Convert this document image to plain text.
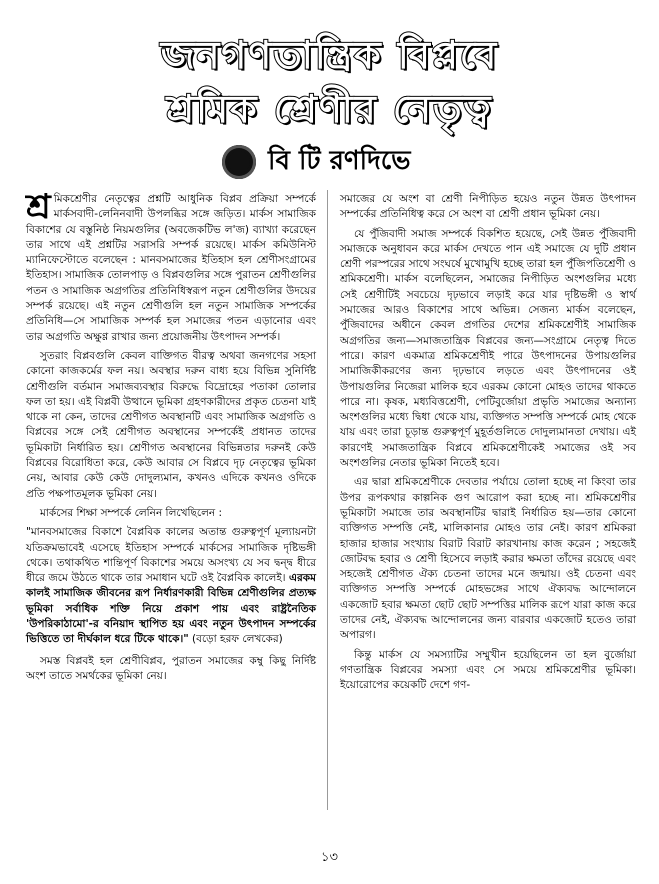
জনগণতান্ত্রিক বিপ্লবে
শ্রমিক শ্রেণীর নেতৃত্ব
বি টি রণদিভে

শ্র মিকশ্রেণীর নেতৃত্বের প্রশ্নটি আধুনিক বিপ্লব প্রক্রিয়া সম্পর্কে মার্কসবাদী-লেনিনবাদী উপলব্ধির সঙ্গে জড়িত। মার্কস সামাজিক বিকাশের যে বস্তুনিষ্ঠ নিয়মগুলির (অবজেকটিভ ল'জ) ব্যাখ্যা করেছেন তার সাথে এই প্রশ্নটির সরাসরি সম্পর্ক রয়েছে। মার্কস কমিউনিস্ট ম্যানিফেস্টোতে বলেছেন : মানবসমাজের ইতিহাস হল শ্রেণীসংগ্রামের ইতিহাস। সামাজিক তোলপাড় ও বিপ্লবগুলির সঙ্গে পুরাতন শ্রেণীগুলির পতন ও সামাজিক অগ্রগতির প্রতিনিধিস্বরূপ নতুন শ্রেণীগুলির উদয়ের সম্পর্ক রয়েছে। এই নতুন শ্রেণীগুলি হল নতুন সামাজিক সম্পর্কের প্রতিনিধি—সে সামাজিক সম্পর্ক হল সমাজের পতন এড়ানোর এবং তার অগ্রগতি অক্ষুণ্ণ রাখার জন্য প্রয়োজনীয় উৎপাদন সম্পর্ক।

সুতরাং বিপ্লবগুলি কেবল বাক্তিগত বীরত্ব অথবা জনগণের সহসা কোনো কাজকর্মের ফল নয়। অবস্থার দরুন বাধ্য হয়ে বিভিন্ন সুনির্দিষ্ট শ্রেণীগুলি বর্তমান সমাজব্যবস্থার বিরুদ্ধে বিদ্রোহের পতাকা তোলার ফল তা হয়। এই বিপ্লবী উত্থানে ভূমিকা গ্রহণকারীদের প্রকৃত চেতনা যাই থাকে না কেন, তাদের শ্রেণীগত অবস্থানটি এবং সামাজিক অগ্রগতি ও বিপ্লবের সঙ্গে সেই শ্রেণীগত অবস্থানের সম্পর্কেই প্রধানত তাদের ভূমিকাটা নির্ধারিত হয়। শ্রেণীগত অবস্থানের বিভিন্নতার দরুনই কেউ বিপ্লবের বিরোধিতা করে, কেউ আবার সে বিপ্লবে দৃঢ় নেতৃত্বের ভূমিকা নেয়, আবার কেউ কেউ দোদুল্যমান, কখনও এদিকে কখনও ওদিকে প্রতি পক্ষপাতমূলক ভূমিকা নেয়।

মার্কসের শিক্ষা সম্পর্কে লেনিন লিখেছিলেন :

"মানবসমাজের বিকাশে বৈপ্লবিক কালের অতান্ত গুরুত্বপূর্ণ মূল্যায়নটা যতিক্রমভাবেই এসেছে ইতিহাস সম্পর্কে মার্কসের সামাজিক দৃষ্টিভঙ্গী থেকে। তথাকথিত শান্তিপূর্ণ বিকাশের সময়ে অসংখ্য যে সব দ্বন্দ্ব ধীরে ধীরে জমে উঠতে থাকে তার সমাধান ঘটে ওই বৈপ্লবিক কালেই। এরকম কালই সামাজিক জীবনের রূপ নির্ধারণকারী বিভিন্ন শ্রেণীগুলির প্রত্যক্ষ ভূমিকা সর্বাধিক শক্তি নিয়ে প্রকাশ পায় এবং রাষ্ট্রনৈতিক 'উপরিকাঠামো'-র বনিয়াদ স্থাপিত হয় এবং নতুন উৎপাদন সম্পর্কের ভিত্তিতে তা দীর্ঘকাল ধরে টিকে থাকে।" (বড়ো হরফ লেখকের)

সমস্ত বিপ্লবই হল শ্রেণীবিপ্লব, পুরাতন সমাজের কম্বু কিছু নির্দিষ্ট অংশ তাতে সমর্থকের ভূমিকা নেয়।

সমাজের যে অংশ বা শ্রেণী নিপীড়িত হয়েও নতুন উন্নত উৎপাদন সম্পর্কের প্রতিনিধিত্ব করে সে অংশ বা শ্রেণী প্রধান ভূমিকা নেয়।

যে পুঁজিবাদী সমাজ সম্পর্কে বিকশিত হয়েছে, সেই উন্নত পুঁজিবাদী সমাজকে অনুধাবন করে মার্কস দেখতে পান এই সমাজে যে দুটি প্রধান শ্রেণী পরস্পরের সাথে সংঘর্ষে মুখোমুখি হচ্ছে তারা হল পুঁজিপতিশ্রেণী ও শ্রমিকশ্রেণী। মার্কস বলেছিলেন, সমাজের নিপীড়িত অংশগুলির মধ্যে সেই শ্রেণীটিই সবচেয়ে দৃঢ়ভাবে লড়াই করে যার দৃষ্টিভঙ্গী ও স্বার্থ সমাজের আরও বিকাশের সাথে অভিন্ন। সেজন্য মার্কস বলেছেন, পুঁজিবাদের অধীনে কেবল প্রগতির দেশের শ্রমিকশ্রেণীই সামাজিক অগ্রগতির জন্য—সমাজতান্ত্রিক বিপ্লবের জন্য—সংগ্রামে নেতৃত্ব দিতে পারে। কারণ একমাত্র শ্রমিকশ্রেণীই পারে উৎপাদনের উপায়গুলির সামাজিকীকরণের জন্য দৃঢ়ভাবে লড়তে এবং উৎপাদনের ওই উপায়গুলির নিজেরা মালিক হবে এরকম কোনো মোহও তাদের থাকতে পারে না। কৃষক, মধ্যবিত্তশ্রেণী, পেটিবুর্জোয়া প্রভৃতি সমাজের অন্যান্য অংশগুলির মধ্যে দ্বিধা থেকে যায়, ব্যক্তিগত সম্পত্তি সম্পর্কে মোহ থেকে যায় এবং তারা চূড়ান্ত গুরুত্বপূর্ণ মুহূর্তগুলিতে দোদুল্যমানতা দেখায়। এই কারণেই সমাজতান্ত্রিক বিপ্লবে শ্রমিকশ্রেণীকেই সমাজের ওই সব অংশগুলির নেতার ভূমিকা নিতেই হবে।

এর দ্বারা শ্রমিকশ্রেণীকে দেবতার পর্যায়ে তোলা হচ্ছে না কিংবা তার উপর রূপকথার কাল্পনিক গুণ আরোপ করা হচ্ছে না। শ্রমিকশ্রেণীর ভূমিকাটা সমাজে তার অবস্থানটির দ্বারাই নির্ধারিত হয়—তার কোনো ব্যক্তিগত সম্পত্তি নেই, মালিকানার মোহও তার নেই। কারণ শ্রমিকরা হাজার হাজার সংখ্যায় বিরাট বিরাট কারখানায় কাজ করেন ; সহজেই জোটবদ্ধ হবার ও শ্রেণী হিসেবে লড়াই করার ক্ষমতা তাঁদের রয়েছে এবং সহজেই শ্রেণীগত ঐক্য চেতনা তাদের মনে জন্মায়। ওই চেতনা এবং ব্যক্তিগত সম্পত্তি সম্পর্কে মোহভঙ্গের সাথে ঐক্যবদ্ধ আন্দোলনে একজোট হবার ক্ষমতা ছোট ছোট সম্পত্তির মালিক রূপে যারা কাজ করে তাদের নেই, ঐক্যবদ্ধ আন্দোলনের জন্য বারবার একজোট হতেও তারা অপারগ।

কিন্তু মার্কস যে সমস্যাটির সম্মুখীন হয়েছিলেন তা হল বুর্জোয়া গণতান্ত্রিক বিপ্লবের সমস্যা এবং সে সময়ে শ্রমিকশ্রেণীর ভূমিকা। ইয়োরোপের কয়েকটি দেশে গণ-

১৩
